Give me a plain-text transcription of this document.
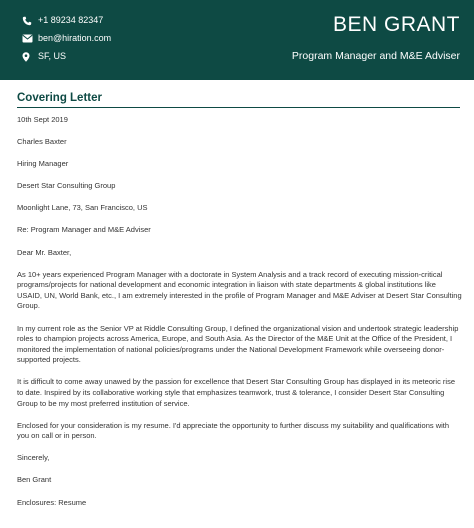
+1 89234 82347
ben@hiration.com
SF, US
BEN GRANT
Program Manager and M&E Adviser
Covering Letter

10th Sept 2019

Charles Baxter

Hiring Manager

Desert Star Consulting Group

Moonlight Lane, 73, San Francisco, US

Re: Program Manager and M&E Adviser

Dear Mr. Baxter,

As 10+ years experienced Program Manager with a doctorate in System Analysis and a track record of executing mission-critical programs/projects for national development and economic integration in liaison with state departments & global institutions like USAID, UN, World Bank, etc., I am extremely interested in the profile of Program Manager and M&E Adviser at Desert Star Consulting Group.

In my current role as the Senior VP at Riddle Consulting Group, I defined the organizational vision and undertook strategic leadership roles to champion projects across America, Europe, and South Asia. As the Director of the M&E Unit at the Office of the President, I monitored the implementation of national policies/programs under the National Development Framework while overseeing donor-supported projects.

It is difficult to come away unawed by the passion for excellence that Desert Star Consulting Group has displayed in its meteoric rise to date. Inspired by its collaborative working style that emphasizes teamwork, trust & tolerance, I consider Desert Star Consulting Group to be my most preferred institution of service.

Enclosed for your consideration is my resume. I'd appreciate the opportunity to further discuss my suitability and qualifications with you on call or in person.

Sincerely,

Ben Grant

Enclosures: Resume
